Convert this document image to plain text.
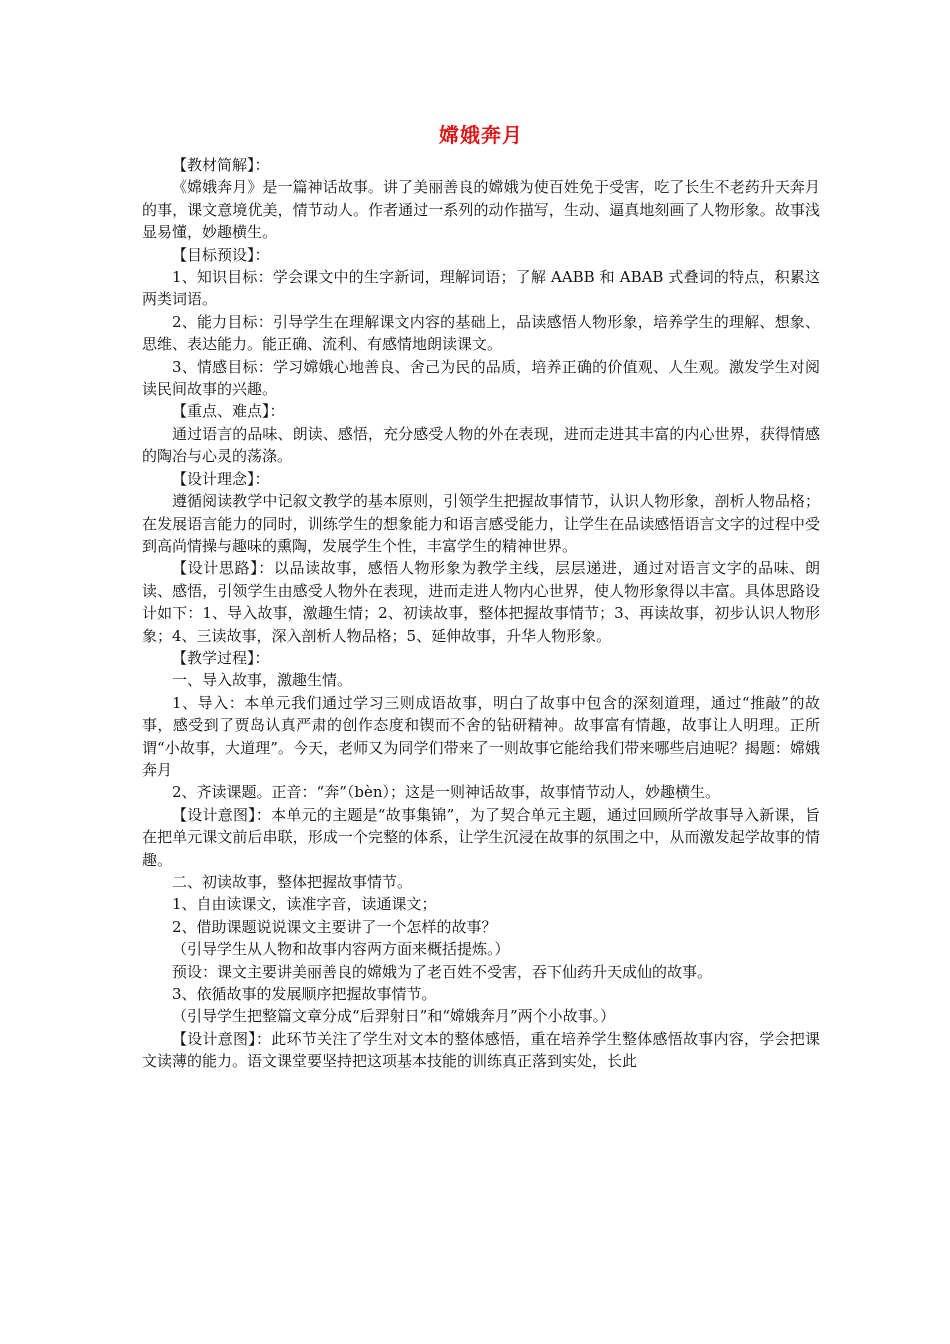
嫦娥奔月

【教材简解】：

《嫦娥奔月》是一篇神话故事。讲了美丽善良的嫦娥为使百姓免于受害，吃了长生不老药升天奔月的事，课文意境优美，情节动人。作者通过一系列的动作描写，生动、逼真地刻画了人物形象。故事浅显易懂，妙趣横生。

【目标预设】：

1、知识目标：学会课文中的生字新词，理解词语；了解 AABB 和 ABAB 式叠词的特点，积累这两类词语。

2、能力目标：引导学生在理解课文内容的基础上，品读感悟人物形象，培养学生的理解、想象、思维、表达能力。能正确、流利、有感情地朗读课文。

3、情感目标：学习嫦娥心地善良、舍己为民的品质，培养正确的价值观、人生观。激发学生对阅读民间故事的兴趣。

【重点、难点】：

通过语言的品味、朗读、感悟，充分感受人物的外在表现，进而走进其丰富的内心世界，获得情感的陶冶与心灵的荡涤。

【设计理念】：

遵循阅读教学中记叙文教学的基本原则，引领学生把握故事情节，认识人物形象，剖析人物品格；在发展语言能力的同时，训练学生的想象能力和语言感受能力，让学生在品读感悟语言文字的过程中受到高尚情操与趣味的熏陶，发展学生个性，丰富学生的精神世界。

【设计思路】：以品读故事，感悟人物形象为教学主线，层层递进，通过对语言文字的品味、朗读、感悟，引领学生由感受人物外在表现，进而走进人物内心世界，使人物形象得以丰富。具体思路设计如下：1、导入故事，激趣生情；2、初读故事，整体把握故事情节；3、再读故事，初步认识人物形象；4、三读故事，深入剖析人物品格；5、延伸故事，升华人物形象。

【教学过程】：

一、导入故事，激趣生情。

1、导入：本单元我们通过学习三则成语故事，明白了故事中包含的深刻道理，通过“推敲”的故事，感受到了贾岛认真严肃的创作态度和锲而不舍的钻研精神。故事富有情趣，故事让人明理。正所谓“小故事，大道理”。今天，老师又为同学们带来了一则故事它能给我们带来哪些启迪呢？揭题：嫦娥奔月

2、齐读课题。正音：“奔”（bèn）；这是一则神话故事，故事情节动人，妙趣横生。

【设计意图】：本单元的主题是“故事集锦”，为了契合单元主题，通过回顾所学故事导入新课，旨在把单元课文前后串联，形成一个完整的体系，让学生沉浸在故事的氛围之中，从而激发起学故事的情趣。

二、初读故事，整体把握故事情节。

1、自由读课文，读准字音，读通课文；

2、借助课题说说课文主要讲了一个怎样的故事？

（引导学生从人物和故事内容两方面来概括提炼。）

预设：课文主要讲美丽善良的嫦娥为了老百姓不受害，吞下仙药升天成仙的故事。

3、依循故事的发展顺序把握故事情节。

（引导学生把整篇文章分成“后羿射日”和“嫦娥奔月”两个小故事。）

【设计意图】：此环节关注了学生对文本的整体感悟，重在培养学生整体感悟故事内容，学会把课文读薄的能力。语文课堂要坚持把这项基本技能的训练真正落到实处，长此
